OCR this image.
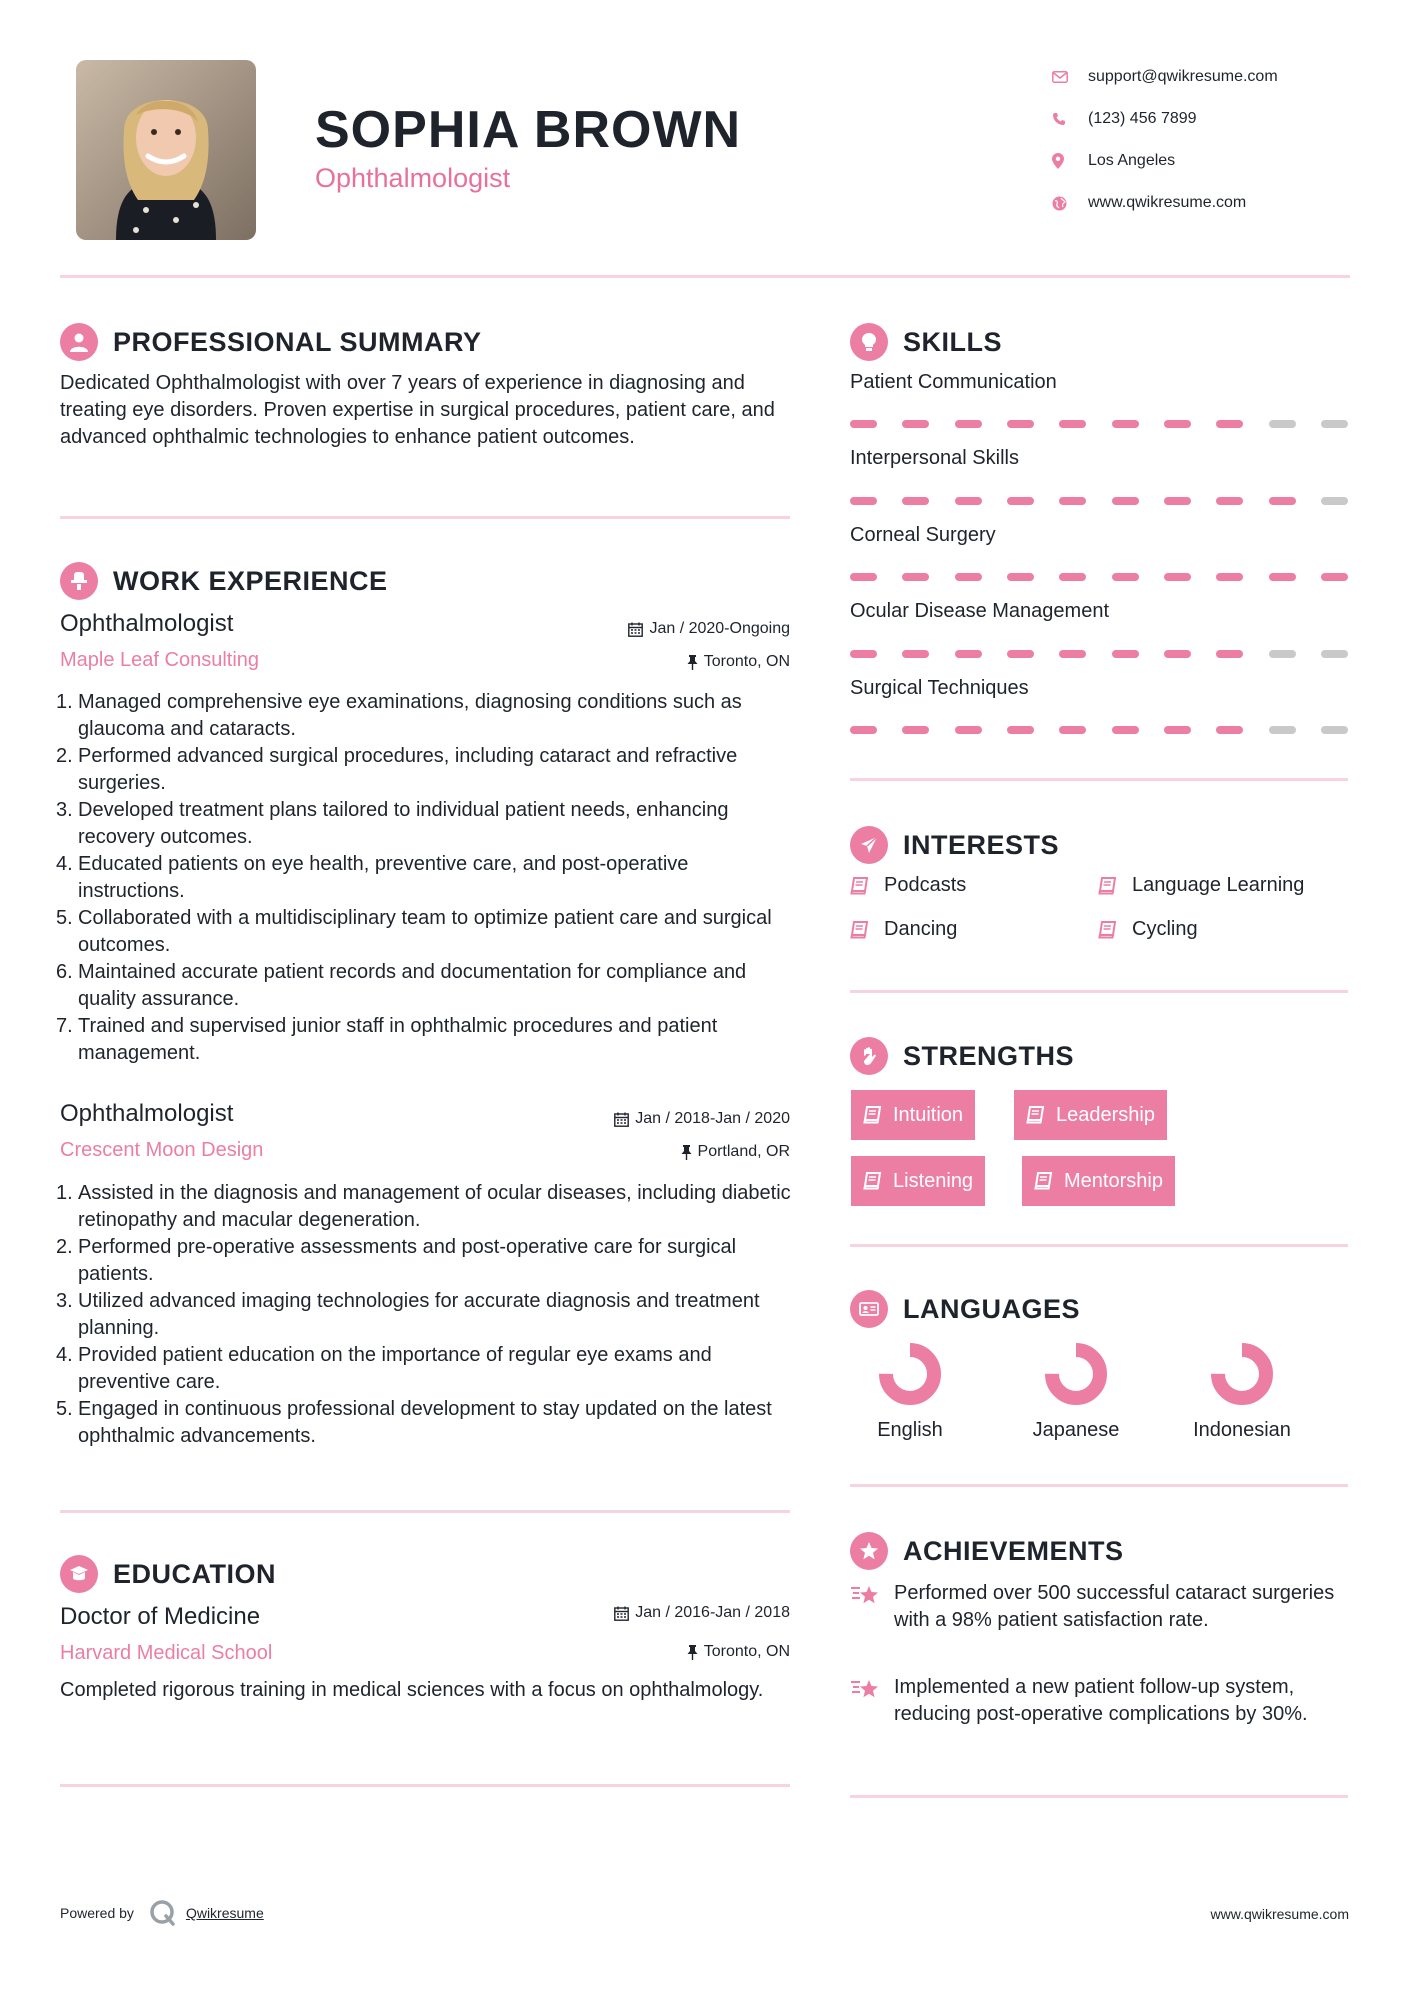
SOPHIA BROWN
Ophthalmologist
support@qwikresume.com
(123) 456 7899
Los Angeles
www.qwikresume.com
PROFESSIONAL SUMMARY

Dedicated Ophthalmologist with over 7 years of experience in diagnosing and treating eye disorders. Proven expertise in surgical procedures, patient care, and advanced ophthalmic technologies to enhance patient outcomes.

WORK EXPERIENCE
Ophthalmologist	Jan / 2020-Ongoing
Maple Leaf Consulting	Toronto, ON
1. Managed comprehensive eye examinations, diagnosing conditions such as glaucoma and cataracts.
2. Performed advanced surgical procedures, including cataract and refractive surgeries.
3. Developed treatment plans tailored to individual patient needs, enhancing recovery outcomes.
4. Educated patients on eye health, preventive care, and post-operative instructions.
5. Collaborated with a multidisciplinary team to optimize patient care and surgical outcomes.
6. Maintained accurate patient records and documentation for compliance and quality assurance.
7. Trained and supervised junior staff in ophthalmic procedures and patient management.
Ophthalmologist	Jan / 2018-Jan / 2020
Crescent Moon Design	Portland, OR
1. Assisted in the diagnosis and management of ocular diseases, including diabetic retinopathy and macular degeneration.
2. Performed pre-operative assessments and post-operative care for surgical patients.
3. Utilized advanced imaging technologies for accurate diagnosis and treatment planning.
4. Provided patient education on the importance of regular eye exams and preventive care.
5. Engaged in continuous professional development to stay updated on the latest ophthalmic advancements.
EDUCATION
Doctor of Medicine	Jan / 2016-Jan / 2018
Harvard Medical School	Toronto, ON

Completed rigorous training in medical sciences with a focus on ophthalmology.

SKILLS
Patient Communication
Interpersonal Skills
Corneal Surgery
Ocular Disease Management
Surgical Techniques
INTERESTS
Podcasts	Language Learning
Dancing	Cycling
STRENGTHS
Intuition	Leadership
Listening	Mentorship
LANGUAGES
English	Japanese	Indonesian
ACHIEVEMENTS
Performed over 500 successful cataract surgeries with a 98% patient satisfaction rate.
Implemented a new patient follow-up system, reducing post-operative complications by 30%.
Powered by	Qwikresume	www.qwikresume.com
